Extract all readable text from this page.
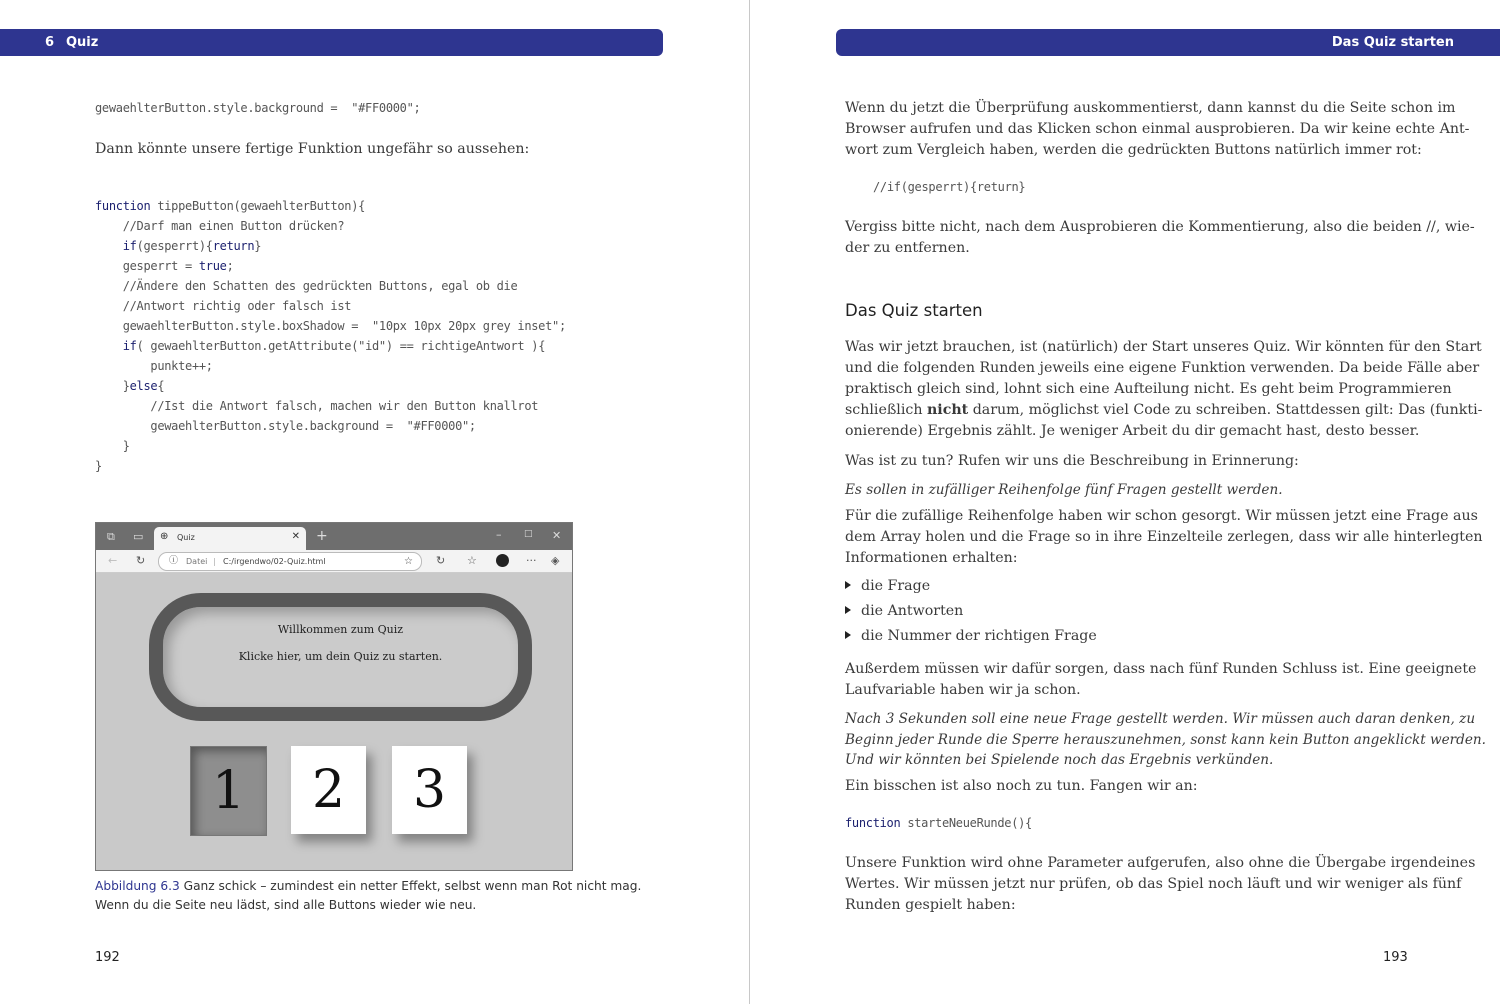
6 Quiz	Das Quiz starten
gewaehlterButton.style.background =  "#FF0000";
Dann könnte unsere fertige Funktion ungefähr so aussehen:

function tippeButton(gewaehlterButton){
//Darf man einen Button drücken?
if(gesperrt){return}
gesperrt = true;
//Ändere den Schatten des gedrückten Buttons, egal ob die
//Antwort richtig oder falsch ist
gewaehlterButton.style.boxShadow =  "10px 10px 20px grey inset";
if( gewaehlterButton.getAttribute("id") == richtigeAntwort ){
punkte++;
}else{
//Ist die Antwort falsch, machen wir den Button knallrot
gewaehlterButton.style.background =  "#FF0000";
}
}

⧉ ▭ ⊕ Quiz	✕ +	–	□ ✕
← ↻	ⓘ Datei | C:/irgendwo/02-Quiz.html	☆ ↻ ☆	··· ◈
Willkommen zum Quiz
Klicke hier, um dein Quiz zu starten.
1	2	3
Abbildung 6.3 Ganz schick – zumindest ein netter Effekt, selbst wenn man Rot nicht mag.
Wenn du die Seite neu lädst, sind alle Buttons wieder wie neu.
192
Wenn du jetzt die Überprüfung auskommentierst, dann kannst du die Seite schon im
Browser aufrufen und das Klicken schon einmal ausprobieren. Da wir keine echte Ant-
wort zum Vergleich haben, werden die gedrückten Buttons natürlich immer rot:
//if(gesperrt){return}
Vergiss bitte nicht, nach dem Ausprobieren die Kommentierung, also die beiden //, wie-
der zu entfernen.
Das Quiz starten
Was wir jetzt brauchen, ist (natürlich) der Start unseres Quiz. Wir könnten für den Start
und die folgenden Runden jeweils eine eigene Funktion verwenden. Da beide Fälle aber
praktisch gleich sind, lohnt sich eine Aufteilung nicht. Es geht beim Programmieren
schließlich nicht darum, möglichst viel Code zu schreiben. Stattdessen gilt: Das (funkti-
onierende) Ergebnis zählt. Je weniger Arbeit du dir gemacht hast, desto besser.
Was ist zu tun? Rufen wir uns die Beschreibung in Erinnerung:
Es sollen in zufälliger Reihenfolge fünf Fragen gestellt werden.
Für die zufällige Reihenfolge haben wir schon gesorgt. Wir müssen jetzt eine Frage aus
dem Array holen und die Frage so in ihre Einzelteile zerlegen, dass wir alle hinterlegten
Informationen erhalten:
die Frage
die Antworten
die Nummer der richtigen Frage
Außerdem müssen wir dafür sorgen, dass nach fünf Runden Schluss ist. Eine geeignete
Laufvariable haben wir ja schon.
Nach 3 Sekunden soll eine neue Frage gestellt werden. Wir müssen auch daran denken, zu
Beginn jeder Runde die Sperre herauszunehmen, sonst kann kein Button angeklickt werden.
Und wir könnten bei Spielende noch das Ergebnis verkünden.
Ein bisschen ist also noch zu tun. Fangen wir an:
function starteNeueRunde(){
Unsere Funktion wird ohne Parameter aufgerufen, also ohne die Übergabe irgendeines
Wertes. Wir müssen jetzt nur prüfen, ob das Spiel noch läuft und wir weniger als fünf
Runden gespielt haben:
193
